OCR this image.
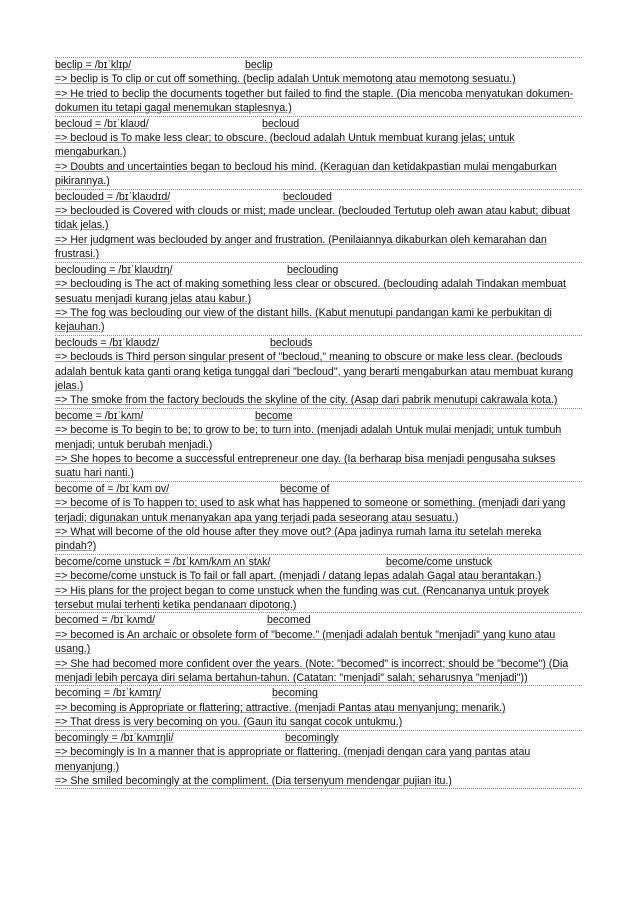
beclip = /bɪˈklɪp/	beclip
=> beclip is To clip or cut off something. (beclip adalah Untuk memotong atau memotong sesuatu.)
=> He tried to beclip the documents together but failed to find the staple. (Dia mencoba menyatukan dokumen-dokumen itu tetapi gagal menemukan staplesnya.)
becloud = /bɪˈklaʊd/	becloud
=> becloud is To make less clear; to obscure. (becloud adalah Untuk membuat kurang jelas; untuk mengaburkan.)
=> Doubts and uncertainties began to becloud his mind. (Keraguan dan ketidakpastian mulai mengaburkan pikirannya.)
beclouded = /bɪˈklaʊdɪd/	beclouded
=> beclouded is Covered with clouds or mist; made unclear. (beclouded Tertutup oleh awan atau kabut; dibuat tidak jelas.)
=> Her judgment was beclouded by anger and frustration. (Penilaiannya dikaburkan oleh kemarahan dan frustrasi.)
beclouding = /bɪˈklaʊdɪŋ/	beclouding
=> beclouding is The act of making something less clear or obscured. (beclouding adalah Tindakan membuat sesuatu menjadi kurang jelas atau kabur.)
=> The fog was beclouding our view of the distant hills. (Kabut menutupi pandangan kami ke perbukitan di kejauhan.)
beclouds = /bɪˈklaʊdz/	beclouds
=> beclouds is Third person singular present of "becloud," meaning to obscure or make less clear. (beclouds adalah bentuk kata ganti orang ketiga tunggal dari "becloud", yang berarti mengaburkan atau membuat kurang jelas.)
=> The smoke from the factory beclouds the skyline of the city. (Asap dari pabrik menutupi cakrawala kota.)
become = /bɪˈkʌm/	become
=> become is To begin to be; to grow to be; to turn into. (menjadi adalah Untuk mulai menjadi; untuk tumbuh menjadi; untuk berubah menjadi.)
=> She hopes to become a successful entrepreneur one day. (Ia berharap bisa menjadi pengusaha sukses suatu hari nanti.)
become of = /bɪˈkʌm ɒv/	become of
=> become of is To happen to; used to ask what has happened to someone or something. (menjadi dari yang terjadi; digunakan untuk menanyakan apa yang terjadi pada seseorang atau sesuatu.)
=> What will become of the old house after they move out? (Apa jadinya rumah lama itu setelah mereka pindah?)
become/come unstuck = /bɪˈkʌm/kʌm ʌnˈstʌk/	become/come unstuck
=> become/come unstuck is To fail or fall apart. (menjadi / datang lepas adalah Gagal atau berantakan.)
=> His plans for the project began to come unstuck when the funding was cut. (Rencananya untuk proyek tersebut mulai terhenti ketika pendanaan dipotong.)
becomed = /bɪˈkʌmd/	becomed
=> becomed is An archaic or obsolete form of "become." (menjadi adalah bentuk "menjadi" yang kuno atau usang.)
=> She had becomed more confident over the years. (Note: "becomed" is incorrect; should be "become") (Dia menjadi lebih percaya diri selama bertahun-tahun. (Catatan: "menjadi" salah; seharusnya "menjadi"))
becoming = /bɪˈkʌmɪŋ/	becoming
=> becoming is Appropriate or flattering; attractive. (menjadi Pantas atau menyanjung; menarik.)
=> That dress is very becoming on you. (Gaun itu sangat cocok untukmu.)
becomingly = /bɪˈkʌmɪŋli/	becomingly
=> becomingly is In a manner that is appropriate or flattering. (menjadi dengan cara yang pantas atau menyanjung.)
=> She smiled becomingly at the compliment. (Dia tersenyum mendengar pujian itu.)
